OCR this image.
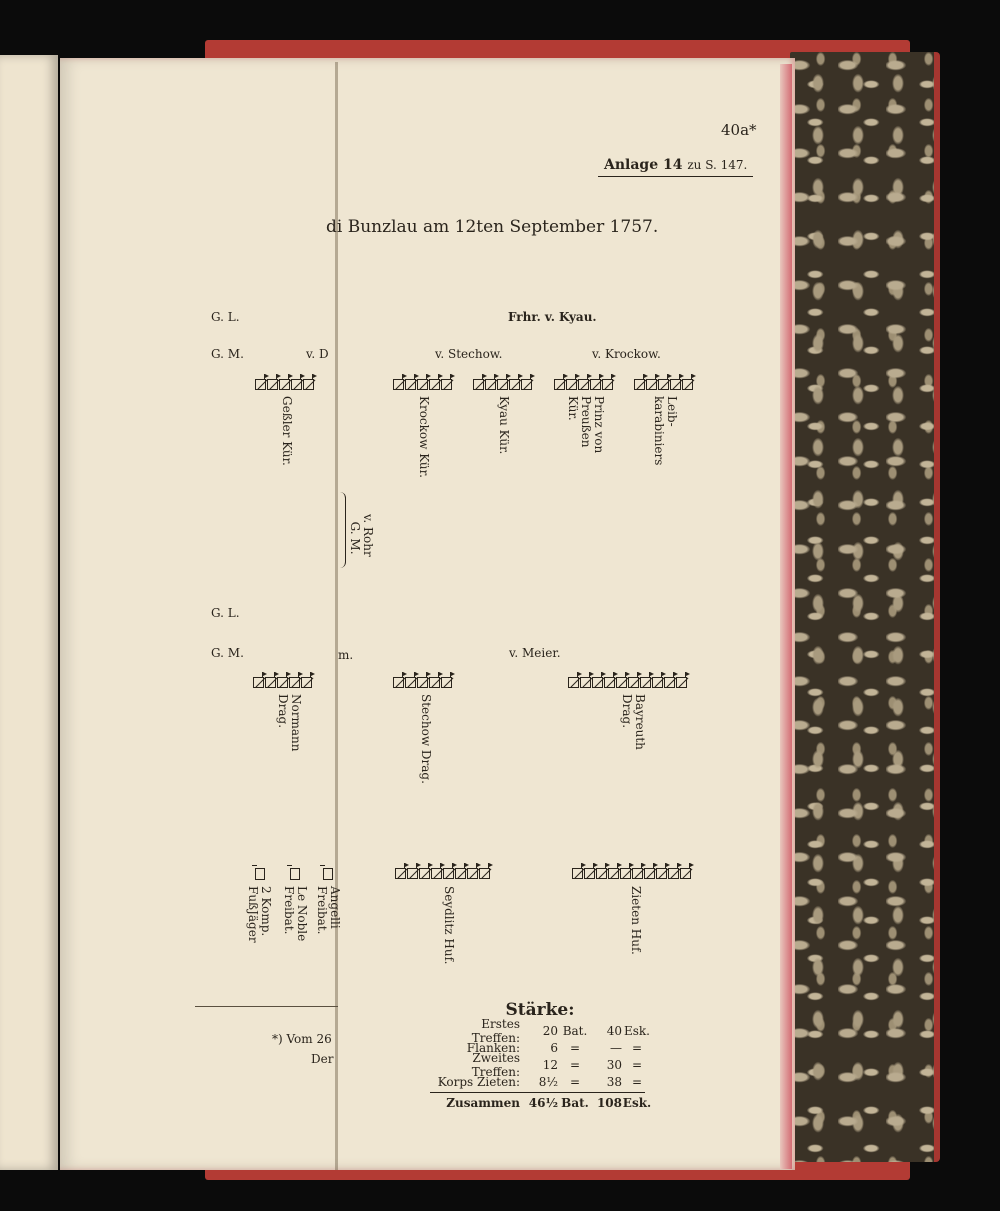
40a*
Anlage 14 zu S. 147.
di Bunzlau am 12ten September 1757.
G. L.	Frhr. v. Kyau.
G. M.	v. D	v. Stechow.	v. Krockow.
Geßler Kür.	Krockow Kür.	Kyau Kür.	Prinz von
Preußen
Kür.	Leib-
karabiniers

G. M. v. Rohr
G. L.
G. M.	m.	v. Meier.
Normann
Drag.	Stechow Drag.	Bayreuth
Drag.
2 Komp.
FußJäger	Le Noble
Freibat.	Angelli
Freibat.	Seydlitz Huf.	Zieten Huf.
*) Vom 26
Der
Stärke:
Erstes Treffen:	20 Bat.	40 Esk.
Flanken:	6 =	— =
Zweites Treffen:	12 =	30 =
Korps Zieten:	8½ =	38 =
Zusammen 46½ Bat. 108 Esk.
